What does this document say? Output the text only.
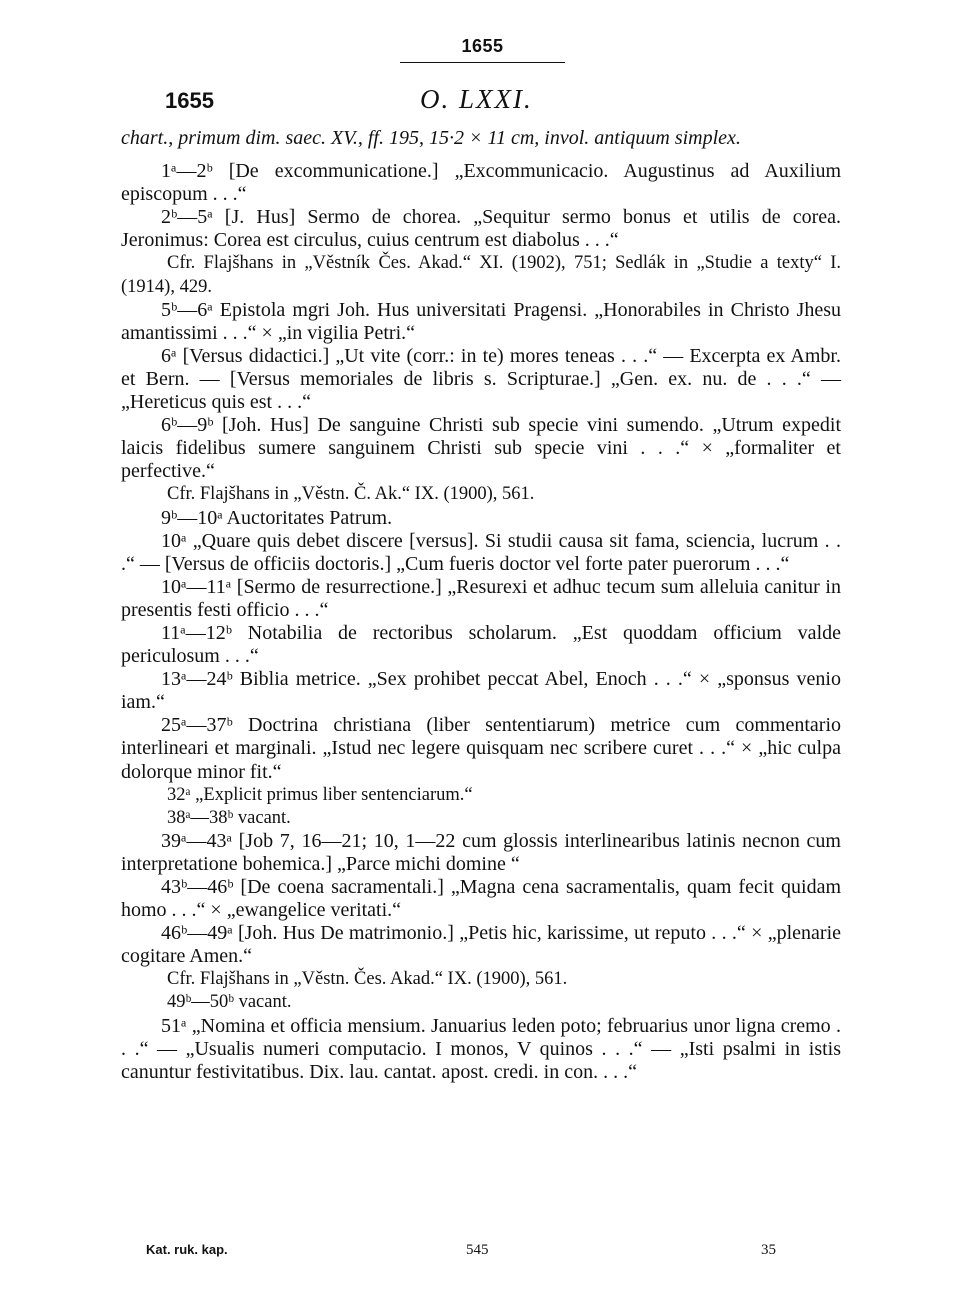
1655
1655	O. LXXI.

chart., primum dim. saec. XV., ff. 195, 15·2 × 11 cm, invol. antiquum simplex.

1ᵃ—2ᵇ [De excommunicatione.] „Excommunicacio. Augustinus ad Auxilium episcopum . . .“

2ᵇ—5ᵃ [J. Hus] Sermo de chorea. „Sequitur sermo bonus et utilis de corea. Jeronimus: Corea est circulus, cuius centrum est diabolus . . .“

Cfr. Flajšhans in „Věstník Čes. Akad.“ XI. (1902), 751; Sedlák in „Studie a texty“ I. (1914), 429.

5ᵇ—6ᵃ Epistola mgri Joh. Hus universitati Pragensi. „Honorabiles in Christo Jhesu amantissimi . . .“ × „in vigilia Petri.“

6ᵃ [Versus didactici.] „Ut vite (corr.: in te) mores teneas . . .“ — Excerpta ex Ambr. et Bern. — [Versus memoriales de libris s. Scripturae.] „Gen. ex. nu. de . . .“ — „Hereticus quis est . . .“

6ᵇ—9ᵇ [Joh. Hus] De sanguine Christi sub specie vini sumendo. „Utrum expedit laicis fidelibus sumere sanguinem Christi sub specie vini . . .“ × „formaliter et perfective.“

Cfr. Flajšhans in „Věstn. Č. Ak.“ IX. (1900), 561.

9ᵇ—10ᵃ Auctoritates Patrum.

10ᵃ „Quare quis debet discere [versus]. Si studii causa sit fama, sciencia, lucrum . . .“ — [Versus de officiis doctoris.] „Cum fueris doctor vel forte pater puerorum . . .“

10ᵃ—11ᵃ [Sermo de resurrectione.] „Resurexi et adhuc tecum sum alleluia canitur in presentis festi officio . . .“

11ᵃ—12ᵇ Notabilia de rectoribus scholarum. „Est quoddam officium valde periculosum . . .“

13ᵃ—24ᵇ Biblia metrice. „Sex prohibet peccat Abel, Enoch . . .“ × „sponsus venio iam.“

25ᵃ—37ᵇ Doctrina christiana (liber sententiarum) metrice cum commentario interlineari et marginali. „Istud nec legere quisquam nec scribere curet . . .“ × „hic culpa dolorque minor fit.“

32ᵃ „Explicit primus liber sentenciarum.“

38ᵃ—38ᵇ vacant.

39ᵃ—43ᵃ [Job 7, 16—21; 10, 1—22 cum glossis interlinearibus latinis necnon cum interpretatione bohemica.] „Parce michi domine “

43ᵇ—46ᵇ [De coena sacramentali.] „Magna cena sacramentalis, quam fecit quidam homo . . .“ × „ewangelice veritati.“

46ᵇ—49ᵃ [Joh. Hus De matrimonio.] „Petis hic, karissime, ut reputo . . .“ × „plenarie cogitare Amen.“

Cfr. Flajšhans in „Věstn. Čes. Akad.“ IX. (1900), 561.

49ᵇ—50ᵇ vacant.

51ᵃ „Nomina et officia mensium. Januarius leden poto; februarius unor ligna cremo . . .“ — „Usualis numeri computacio. I monos, V quinos . . .“ — „Isti psalmi in istis canuntur festivitatibus. Dix. lau. cantat. apost. credi. in con. . . .“

Kat. ruk. kap.	545	35
